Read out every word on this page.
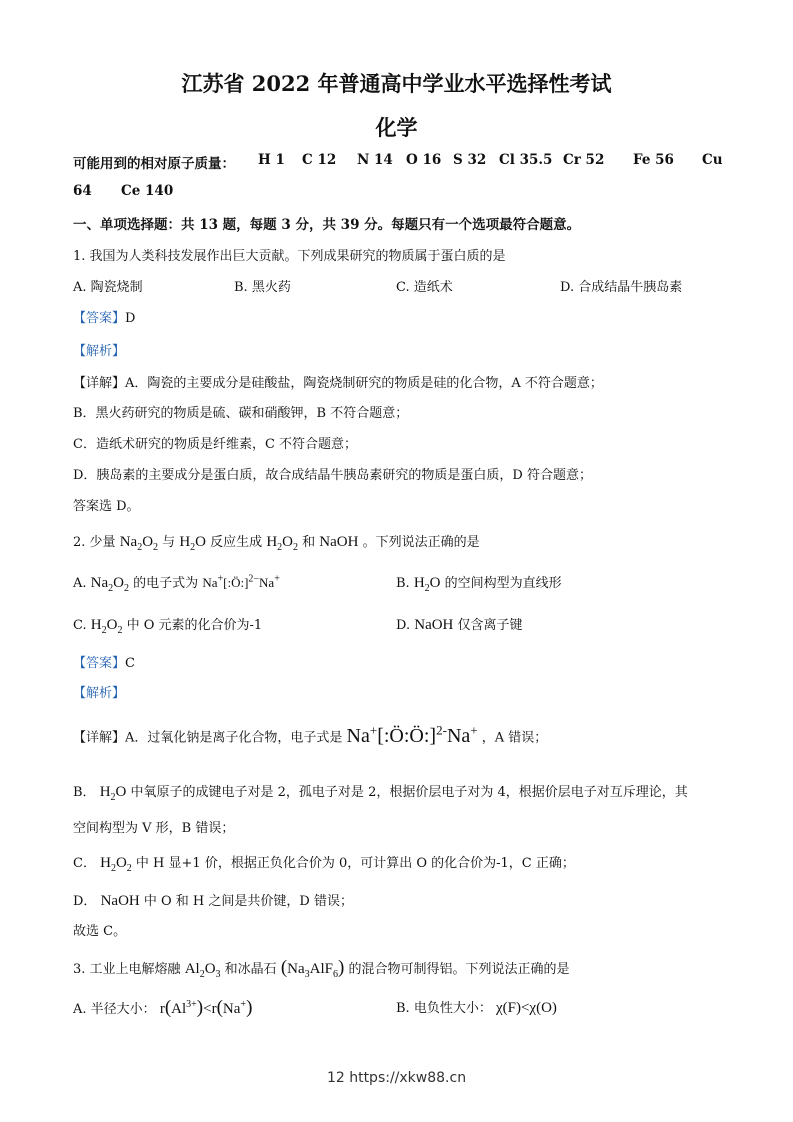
江苏省 2022 年普通高中学业水平选择性考试
化学
可能用到的相对原子质量： H 1 C 12 N 14 O 16 S 32 Cl 35.5 Cr 52 Fe 56 Cu
64 Ce 140
一、单项选择题：共 13 题，每题 3 分，共 39 分。每题只有一个选项最符合题意。
1. 我国为人类科技发展作出巨大贡献。下列成果研究的物质属于蛋白质的是
A. 陶瓷烧制	B. 黑火药	C. 造纸术	D. 合成结晶牛胰岛素
【答案】D
【解析】
【详解】A．陶瓷的主要成分是硅酸盐，陶瓷烧制研究的物质是硅的化合物，A 不符合题意；
B．黑火药研究的物质是硫、碳和硝酸钾，B 不符合题意；
C．造纸术研究的物质是纤维素，C 不符合题意；
D．胰岛素的主要成分是蛋白质，故合成结晶牛胰岛素研究的物质是蛋白质，D 符合题意；
答案选 D。
2. 少量 $Na_2O_2$ 与 $H_2O$ 反应生成 $H_2O_2$ 和 NaOH 。下列说法正确的是
A. $Na_2O_2$ 的电子式为 Na+[:Ö:]$^{2-}$Na+	B. $H_2O$ 的空间构型为直线形
C. $H_2O_2$ 中 O 元素的化合价为-1	D. NaOH 仅含离子键
【答案】C
【解析】
【详解】A．过氧化钠是离子化合物，电子式是 Na+[:Ö:Ö:]$^{2-}$Na+ ，A 错误；
B． $H_2O$ 中氧原子的成键电子对是 2，孤电子对是 2，根据价层电子对为 4，根据价层电子对互斥理论，其
空间构型为 V 形，B 错误；
C． $H_2O_2$ 中 H 显+1 价，根据正负化合价为 0，可计算出 O 的化合价为-1，C 正确；
D． NaOH 中 O 和 H 之间是共价键，D 错误；
故选 C。
3. 工业上电解熔融 $Al_2O_3$ 和冰晶石 $(Na_3AlF_6)$ 的混合物可制得铝。下列说法正确的是
A. 半径大小： $r(Al^{3+})<r(Na^+)$	B. 电负性大小： χ(F)<χ(O)
12 https://xkw88.cn
